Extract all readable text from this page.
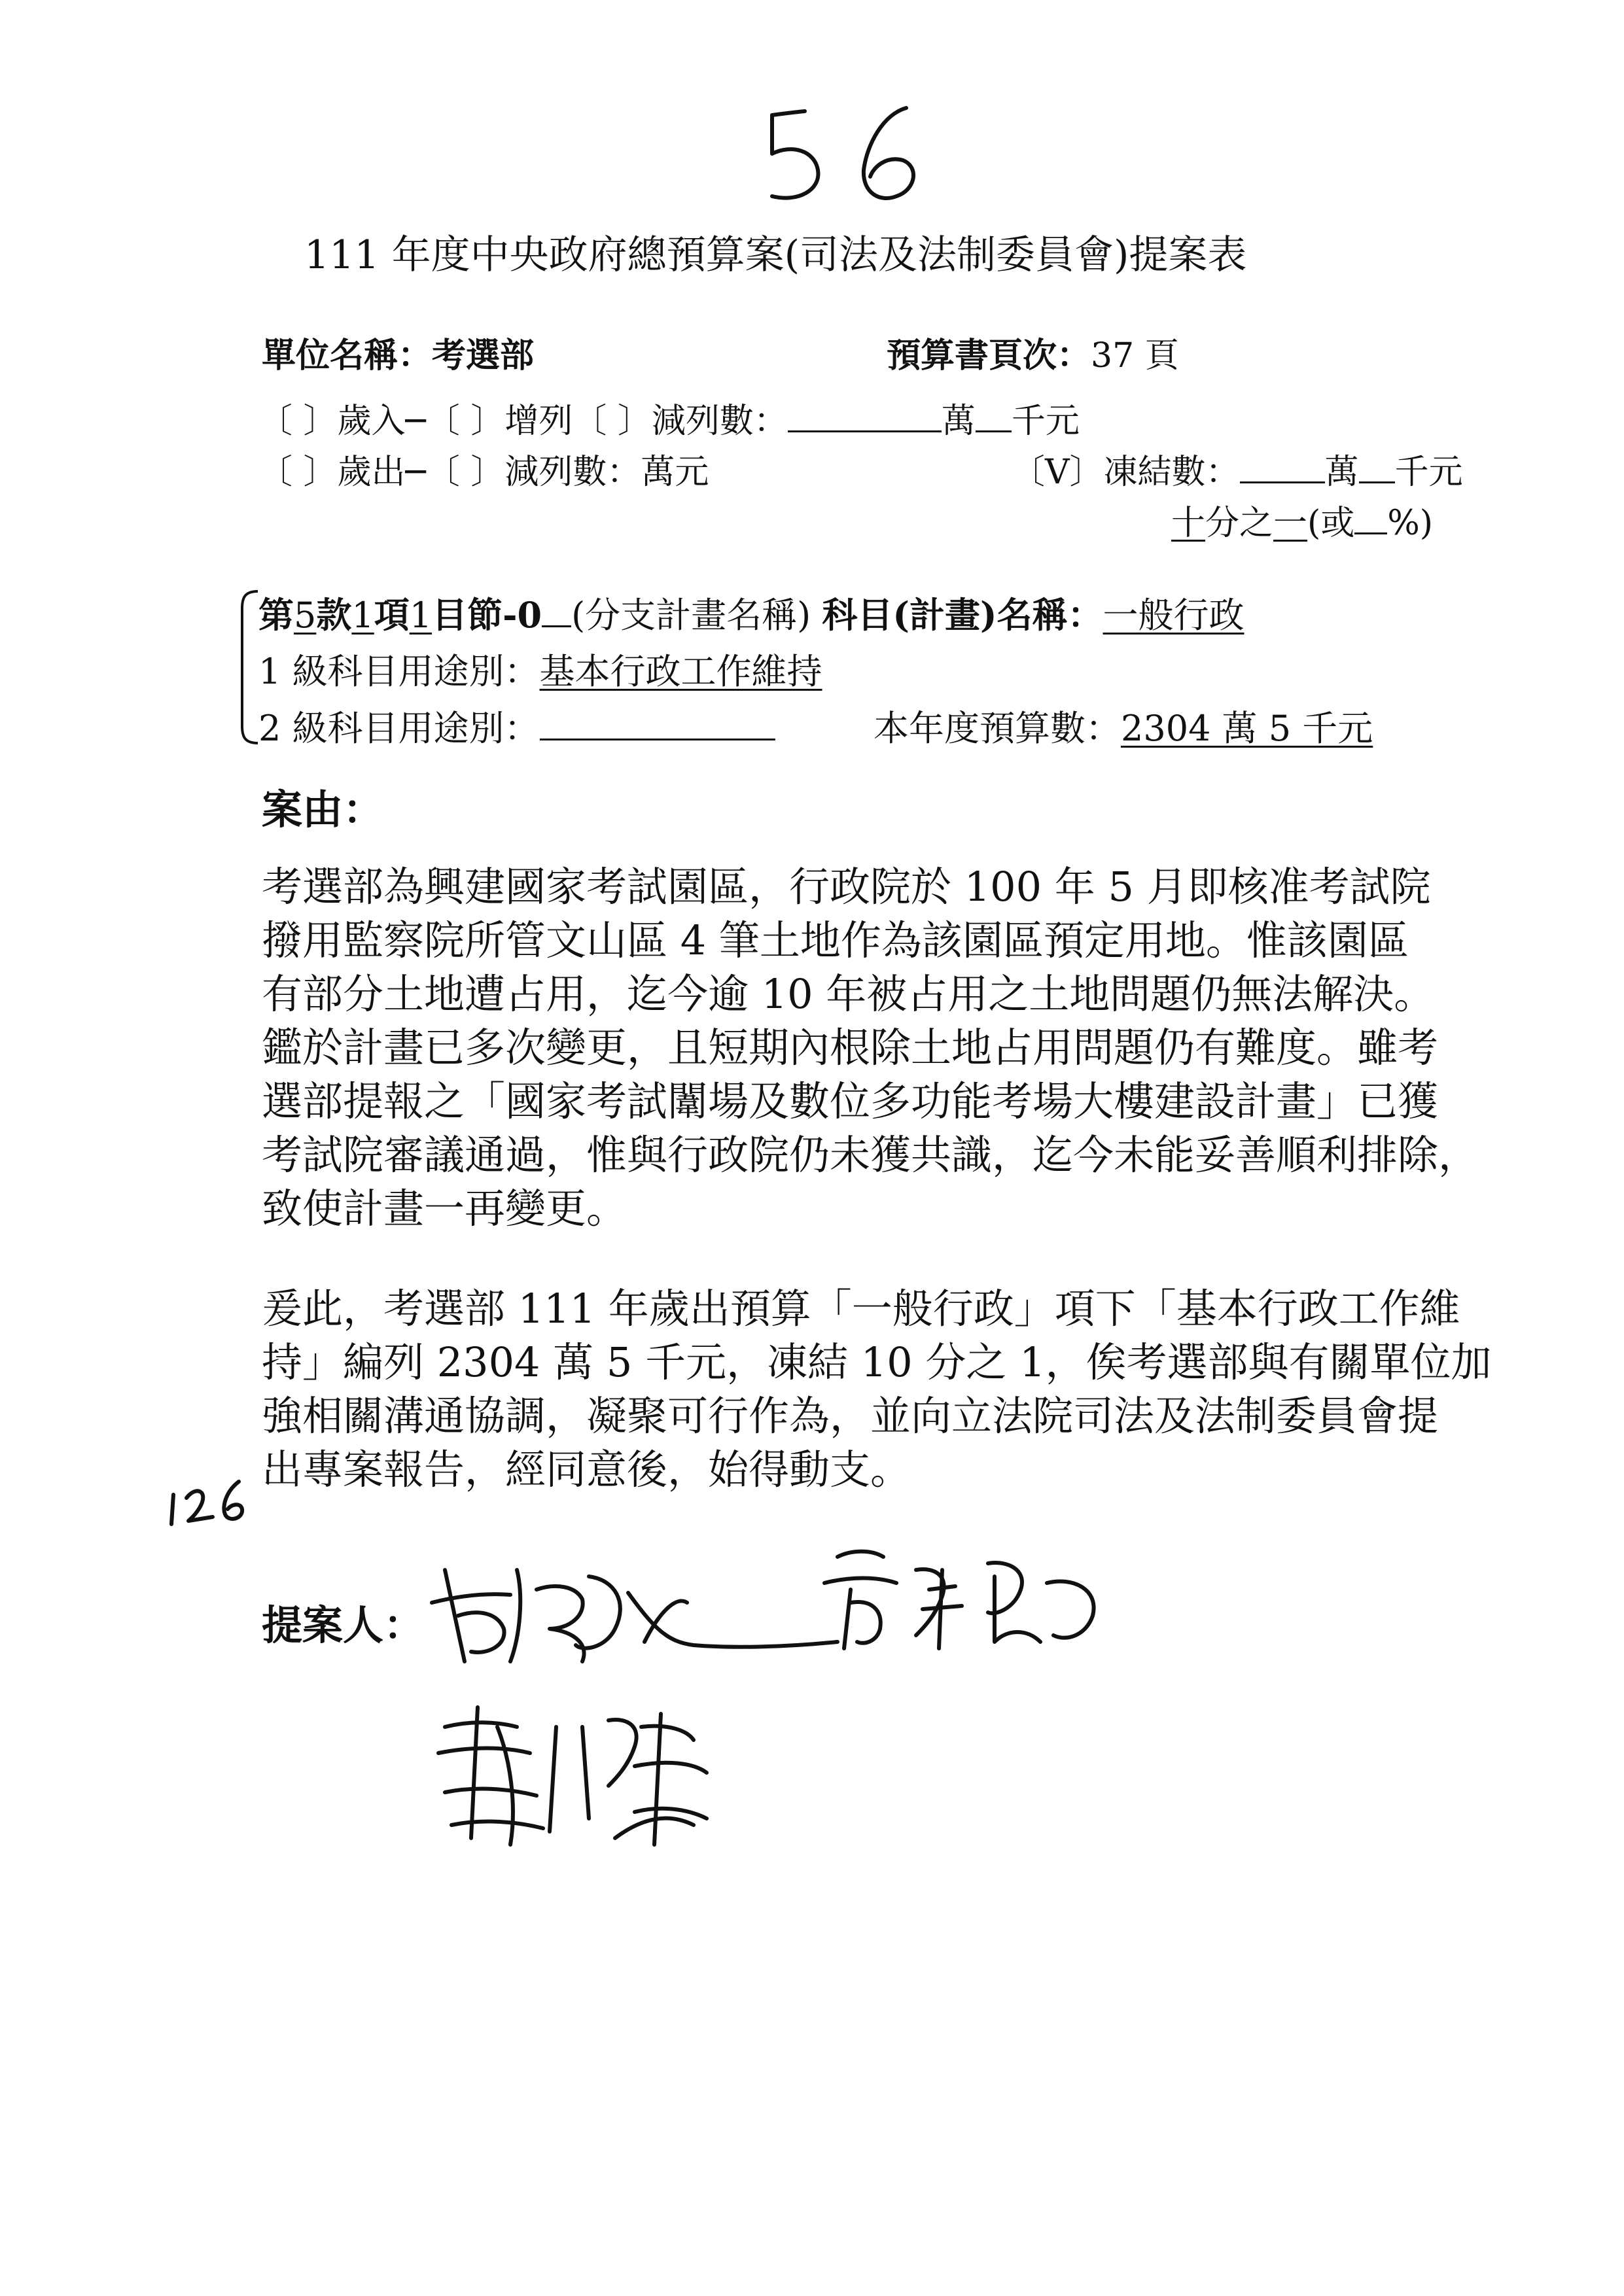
111 年度中央政府總預算案(司法及法制委員會)提案表
單位名稱：考選部	預算書頁次：37 頁
〔 〕歲入─〔 〕增列〔 〕減列數：	萬 千元
〔 〕歲出─〔 〕減列數：萬元	〔V〕凍結數：	萬 千元
十分之一(或 %)
第5款1項1目節-0 (分支計畫名稱) 科目(計畫)名稱：一般行政
1 級科目用途別：基本行政工作維持
2 級科目用途別：	本年度預算數：2304 萬 5 千元
案由：
考選部為興建國家考試園區，行政院於 100 年 5 月即核准考試院
撥用監察院所管文山區 4 筆土地作為該園區預定用地。惟該園區
有部分土地遭占用，迄今逾 10 年被占用之土地問題仍無法解決。
鑑於計畫已多次變更，且短期內根除土地占用問題仍有難度。雖考
選部提報之「國家考試闈場及數位多功能考場大樓建設計畫」已獲
考試院審議通過，惟與行政院仍未獲共識，迄今未能妥善順利排除，
致使計畫一再變更。
爰此，考選部 111 年歲出預算「一般行政」項下「基本行政工作維
持」編列 2304 萬 5 千元，凍結 10 分之 1，俟考選部與有關單位加
強相關溝通協調，凝聚可行作為，並向立法院司法及法制委員會提
出專案報告，經同意後，始得動支。
提案人：
